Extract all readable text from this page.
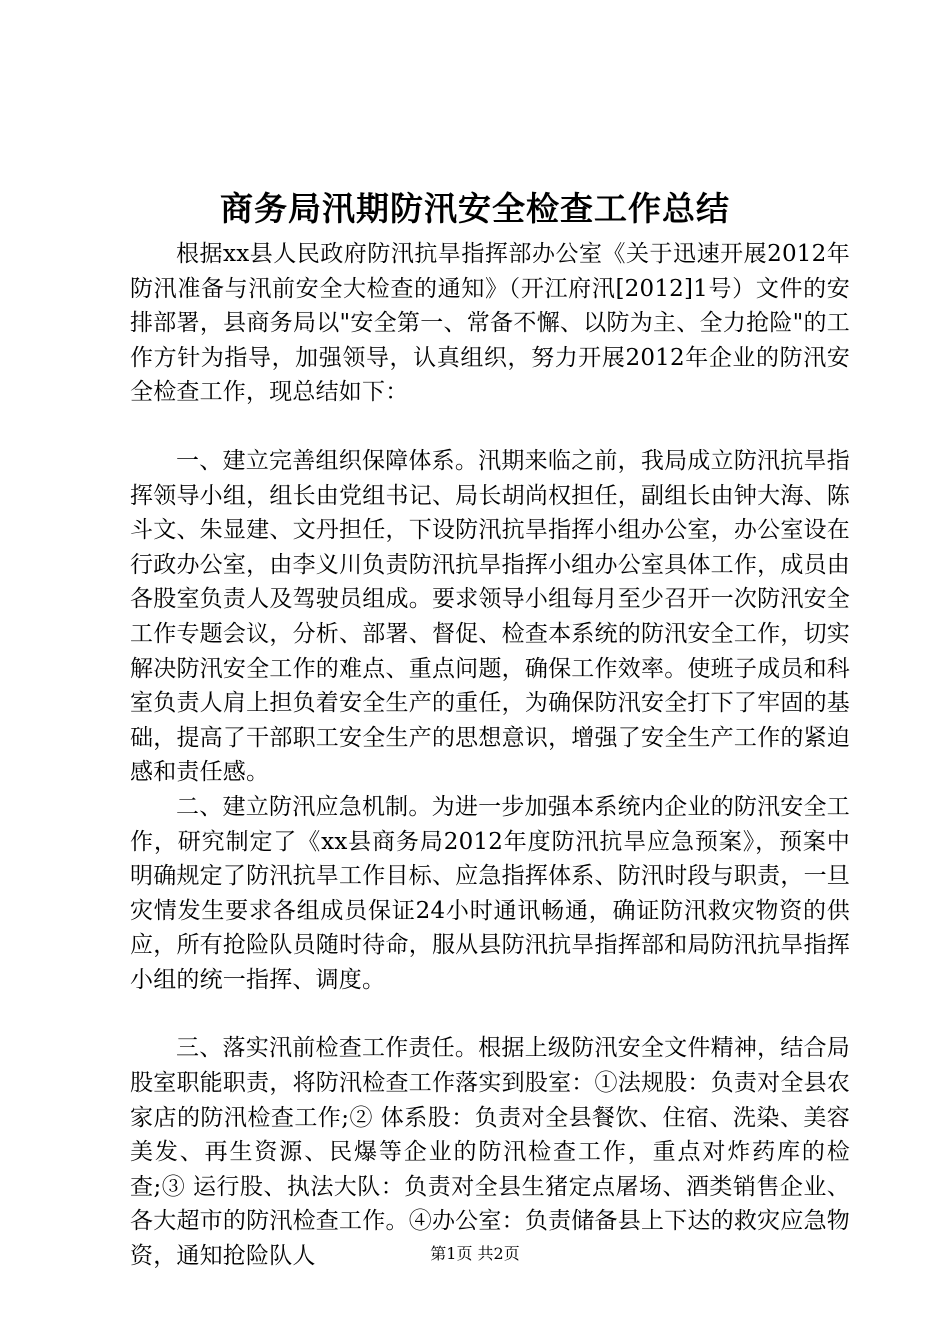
商务局汛期防汛安全检查工作总结

根据xx县人民政府防汛抗旱指挥部办公室《关于迅速开展2012年防汛准备与汛前安全大检查的通知》（开江府汛[2012]1号）文件的安排部署，县商务局以"安全第一、常备不懈、以防为主、全力抢险"的工作方针为指导，加强领导，认真组织，努力开展2012年企业的防汛安全检查工作，现总结如下：

一、建立完善组织保障体系。汛期来临之前，我局成立防汛抗旱指挥领导小组，组长由党组书记、局长胡尚权担任，副组长由钟大海、陈斗文、朱显建、文丹担任，下设防汛抗旱指挥小组办公室，办公室设在行政办公室，由李义川负责防汛抗旱指挥小组办公室具体工作，成员由各股室负责人及驾驶员组成。要求领导小组每月至少召开一次防汛安全工作专题会议，分析、部署、督促、检查本系统的防汛安全工作，切实解决防汛安全工作的难点、重点问题，确保工作效率。使班子成员和科室负责人肩上担负着安全生产的重任，为确保防汛安全打下了牢固的基础，提高了干部职工安全生产的思想意识，增强了安全生产工作的紧迫感和责任感。

二、建立防汛应急机制。为进一步加强本系统内企业的防汛安全工作，研究制定了《xx县商务局2012年度防汛抗旱应急预案》，预案中明确规定了防汛抗旱工作目标、应急指挥体系、防汛时段与职责，一旦灾情发生要求各组成员保证24小时通讯畅通，确证防汛救灾物资的供应，所有抢险队员随时待命，服从县防汛抗旱指挥部和局防汛抗旱指挥小组的统一指挥、调度。

三、落实汛前检查工作责任。根据上级防汛安全文件精神，结合局股室职能职责，将防汛检查工作落实到股室：①法规股：负责对全县农家店的防汛检查工作;② 体系股：负责对全县餐饮、住宿、洗染、美容美发、再生资源、民爆等企业的防汛检查工作，重点对炸药库的检查;③ 运行股、执法大队：负责对全县生猪定点屠场、酒类销售企业、各大超市的防汛检查工作。④办公室：负责储备县上下达的救灾应急物资，通知抢险队人	第1页 共2页
